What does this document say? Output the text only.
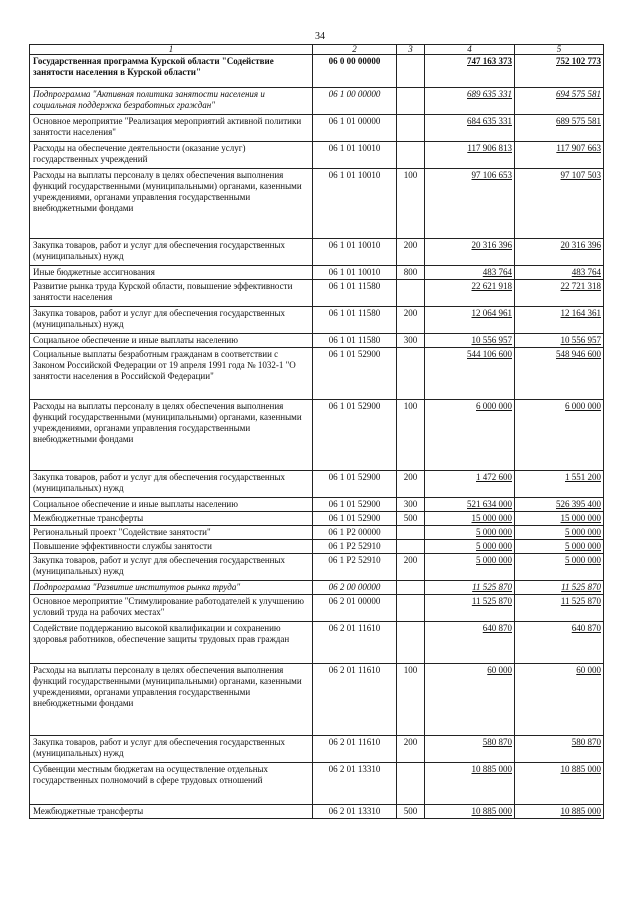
34
1	2	3	4	5
Государственная программа Курской области "Содействие занятости населения в Курской области"	06 0 00 00000		747 163 373	752 102 773
Подпрограмма "Активная политика занятости населения и социальная поддержка безработных граждан"	06 1 00 00000		689 635 331	694 575 581
Основное мероприятие "Реализация мероприятий активной политики занятости населения"	06 1 01 00000		684 635 331	689 575 581
Расходы на обеспечение деятельности (оказание услуг) государственных учреждений	06 1 01 10010		117 906 813	117 907 663
Расходы на выплаты персоналу в целях обеспечения выполнения функций государственными (муниципальными) органами, казенными учреждениями, органами управления государственными внебюджетными фондами	06 1 01 10010	100	97 106 653	97 107 503
Закупка товаров, работ и услуг для обеспечения государственных (муниципальных) нужд	06 1 01 10010	200	20 316 396	20 316 396
Иные бюджетные ассигнования	06 1 01 10010	800	483 764	483 764
Развитие рынка труда Курской области, повышение эффективности занятости населения	06 1 01 11580		22 621 918	22 721 318
Закупка товаров, работ и услуг для обеспечения государственных (муниципальных) нужд	06 1 01 11580	200	12 064 961	12 164 361
Социальное обеспечение и иные выплаты населению	06 1 01 11580	300	10 556 957	10 556 957
Социальные выплаты безработным гражданам в соответствии с Законом Российской Федерации от 19 апреля 1991 года № 1032-1 "О занятости населения в Российской Федерации"	06 1 01 52900		544 106 600	548 946 600
Расходы на выплаты персоналу в целях обеспечения выполнения функций государственными (муниципальными) органами, казенными учреждениями, органами управления государственными внебюджетными фондами	06 1 01 52900	100	6 000 000	6 000 000
Закупка товаров, работ и услуг для обеспечения государственных (муниципальных) нужд	06 1 01 52900	200	1 472 600	1 551 200
Социальное обеспечение и иные выплаты населению	06 1 01 52900	300	521 634 000	526 395 400
Межбюджетные трансферты	06 1 01 52900	500	15 000 000	15 000 000
Региональный проект "Содействие занятости"	06 1 P2 00000		5 000 000	5 000 000
Повышение эффективности службы занятости	06 1 P2 52910		5 000 000	5 000 000
Закупка товаров, работ и услуг для обеспечения государственных (муниципальных) нужд	06 1 P2 52910	200	5 000 000	5 000 000
Подпрограмма "Развитие институтов рынка труда"	06 2 00 00000		11 525 870	11 525 870
Основное мероприятие "Стимулирование работодателей к улучшению условий труда на рабочих местах"	06 2 01 00000		11 525 870	11 525 870
Содействие поддержанию высокой квалификации и сохранению здоровья работников, обеспечение защиты трудовых прав граждан	06 2 01 11610		640 870	640 870
Расходы на выплаты персоналу в целях обеспечения выполнения функций государственными (муниципальными) органами, казенными учреждениями, органами управления государственными внебюджетными фондами	06 2 01 11610	100	60 000	60 000
Закупка товаров, работ и услуг для обеспечения государственных (муниципальных) нужд	06 2 01 11610	200	580 870	580 870
Субвенции местным бюджетам на осуществление отдельных государственных полномочий в сфере трудовых отношений	06 2 01 13310		10 885 000	10 885 000
Межбюджетные трансферты	06 2 01 13310	500	10 885 000	10 885 000
